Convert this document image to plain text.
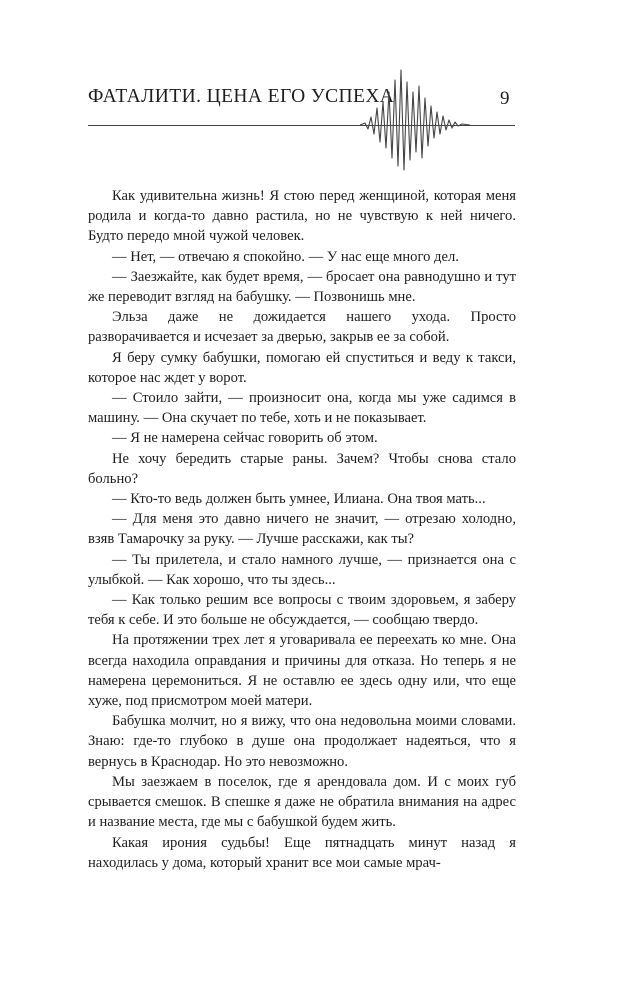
ФАТАЛИТИ. ЦЕНА ЕГО УСПЕХА	9

Как удивительна жизнь! Я стою перед женщиной, которая меня родила и когда-то давно растила, но не чувствую к ней ничего. Будто передо мной чужой человек.

— Нет, — отвечаю я спокойно. — У нас еще много дел.

— Заезжайте, как будет время, — бросает она равнодушно и тут же переводит взгляд на бабушку. — Позвонишь мне.

Эльза даже не дожидается нашего ухода. Просто разворачивается и исчезает за дверью, закрыв ее за собой.

Я беру сумку бабушки, помогаю ей спуститься и веду к такси, которое нас ждет у ворот.

— Стоило зайти, — произносит она, когда мы уже садимся в машину. — Она скучает по тебе, хоть и не показывает.

— Я не намерена сейчас говорить об этом.

Не хочу бередить старые раны. Зачем? Чтобы снова стало больно?

— Кто-то ведь должен быть умнее, Илиана. Она твоя мать...

— Для меня это давно ничего не значит, — отрезаю холодно, взяв Тамарочку за руку. — Лучше расскажи, как ты?

— Ты прилетела, и стало намного лучше, — признается она с улыбкой. — Как хорошо, что ты здесь...

— Как только решим все вопросы с твоим здоровьем, я заберу тебя к себе. И это больше не обсуждается, — сообщаю твердо.

На протяжении трех лет я уговаривала ее переехать ко мне. Она всегда находила оправдания и причины для отказа. Но теперь я не намерена церемониться. Я не оставлю ее здесь одну или, что еще хуже, под присмотром моей матери.

Бабушка молчит, но я вижу, что она недовольна моими словами. Знаю: где-то глубоко в душе она продолжает надеяться, что я вернусь в Краснодар. Но это невозможно.

Мы заезжаем в поселок, где я арендовала дом. И с моих губ срывается смешок. В спешке я даже не обратила внимания на адрес и название места, где мы с бабушкой будем жить.

Какая ирония судьбы! Еще пятнадцать минут назад я находилась у дома, который хранит все мои самые мрач-
